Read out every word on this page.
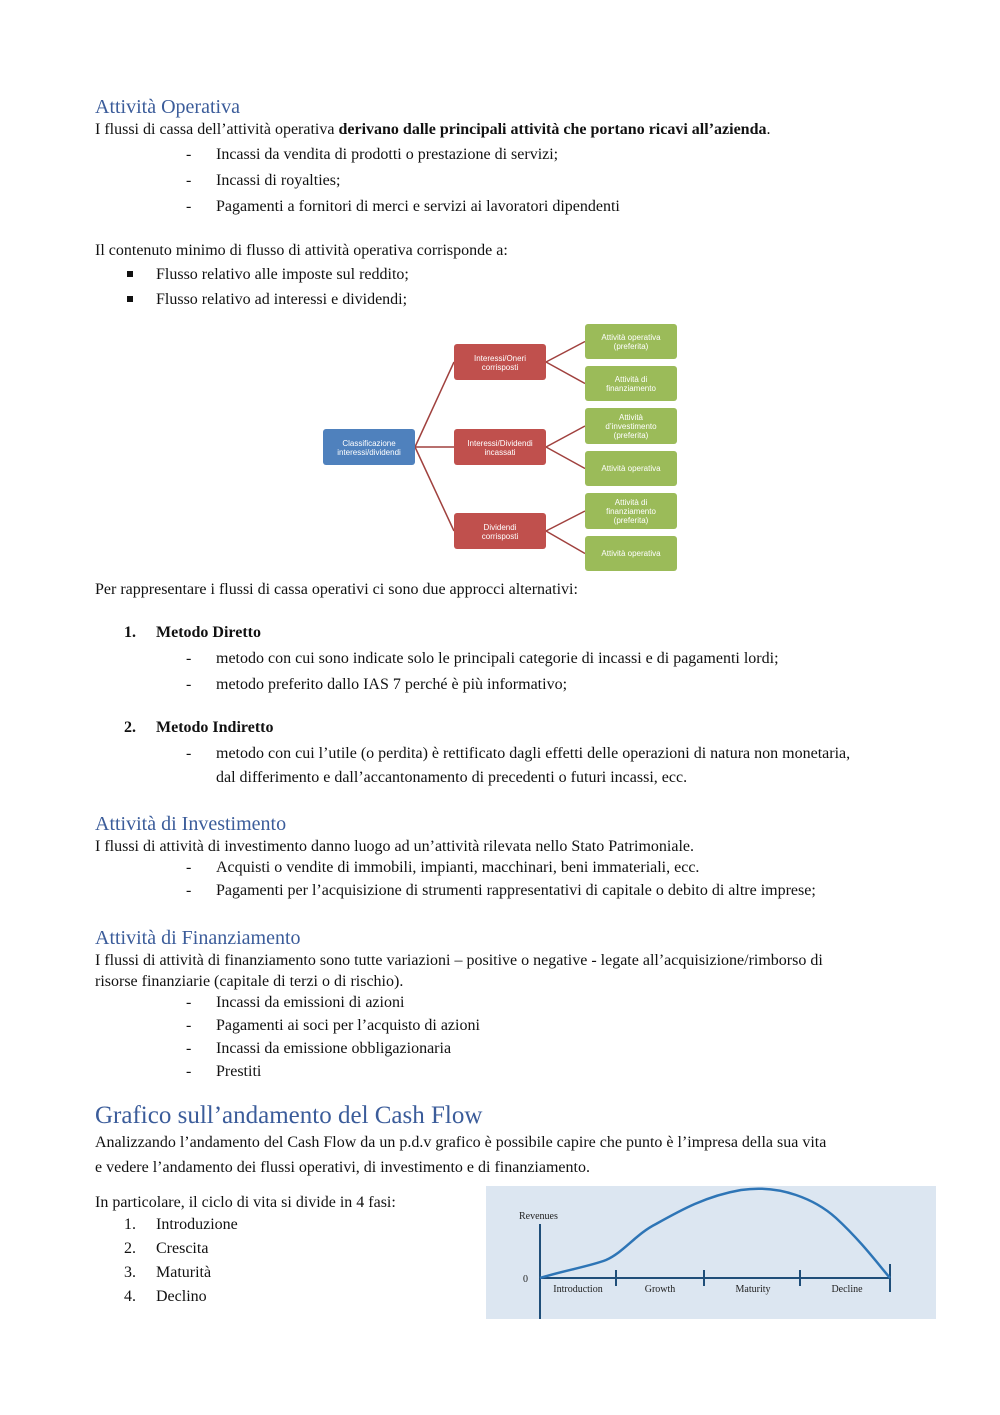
Attività Operativa
I flussi di cassa dell’attività operativa derivano dalle principali attività che portano ricavi all’azienda.
- Incassi da vendita di prodotti o prestazione di servizi;
- Incassi di royalties;
- Pagamenti a fornitori di merci e servizi ai lavoratori dipendenti
Il contenuto minimo di flusso di attività operativa corrisponde a:
Flusso relativo alle imposte sul reddito;
Flusso relativo ad interessi e dividendi;
Classificazione
interessi/dividendi
Interessi/Oneri
corrisposti
Interessi/Dividendi
incassati
Dividendi
corrisposti
Attività operativa
(preferita)
Attività di
finanziamento
Attività
d’investimento
(preferita)
Attività operativa
Attività di
finanziamento
(preferita)
Attività operativa
Per rappresentare i flussi di cassa operativi ci sono due approcci alternativi:
1. Metodo Diretto
- metodo con cui sono indicate solo le principali categorie di incassi e di pagamenti lordi;
- metodo preferito dallo IAS 7 perché è più informativo;
2. Metodo Indiretto
- metodo con cui l’utile (o perdita) è rettificato dagli effetti delle operazioni di natura non monetaria,
dal differimento e dall’accantonamento di precedenti o futuri incassi, ecc.
Attività di Investimento
I flussi di attività di investimento danno luogo ad un’attività rilevata nello Stato Patrimoniale.
- Acquisti o vendite di immobili, impianti, macchinari, beni immateriali, ecc.
- Pagamenti per l’acquisizione di strumenti rappresentativi di capitale o debito di altre imprese;
Attività di Finanziamento
I flussi di attività di finanziamento sono tutte variazioni – positive o negative - legate all’acquisizione/rimborso di
risorse finanziarie (capitale di terzi o di rischio).
- Incassi da emissioni di azioni
- Pagamenti ai soci per l’acquisto di azioni
- Incassi da emissione obbligazionaria
- Prestiti
Grafico sull’andamento del Cash Flow
Analizzando l’andamento del Cash Flow da un p.d.v grafico è possibile capire che punto è l’impresa della sua vita
e vedere l’andamento dei flussi operativi, di investimento e di finanziamento.
In particolare, il ciclo di vita si divide in 4 fasi:
1. Introduzione
2. Crescita
3. Maturità
4. Declino
Revenues
0
Introduction	Growth	Maturity	Decline
